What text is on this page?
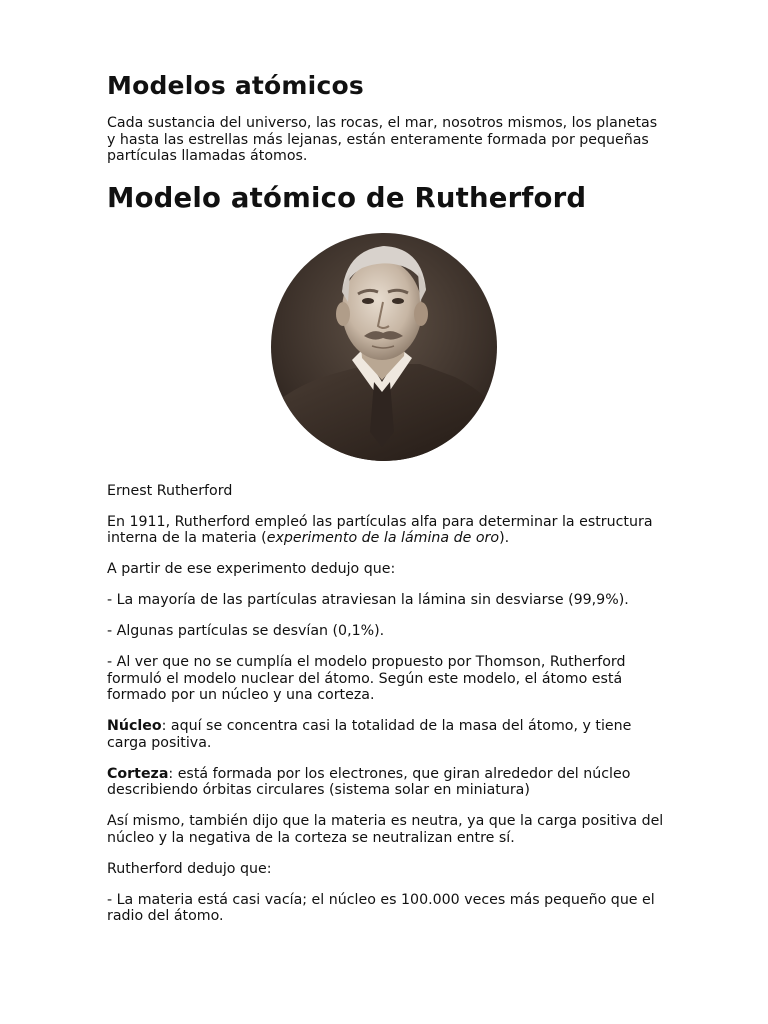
Modelos atómicos

Cada sustancia del universo, las rocas, el mar, nosotros mismos, los planetas y hasta las estrellas más lejanas, están enteramente formada por pequeñas partículas llamadas átomos.

Modelo atómico de Rutherford

Ernest Rutherford

En 1911, Rutherford empleó las partículas alfa para determinar la estructura interna de la materia (experimento de la lámina de oro).

A partir de ese experimento dedujo que:

- La mayoría de las partículas atraviesan la lámina sin desviarse (99,9%).

- Algunas partículas se desvían (0,1%).

- Al ver que no se cumplía el modelo propuesto por Thomson, Rutherford formuló el modelo nuclear del átomo. Según este modelo, el átomo está formado por un núcleo y una corteza.

Núcleo: aquí se concentra casi la totalidad de la masa del átomo, y tiene carga positiva.

Corteza: está formada por los electrones, que giran alrededor del núcleo describiendo órbitas circulares (sistema solar en miniatura)

Así mismo, también dijo que la materia es neutra, ya que la carga positiva del núcleo y la negativa de la corteza se neutralizan entre sí.

Rutherford dedujo que:

- La materia está casi vacía; el núcleo es 100.000 veces más pequeño que el radio del átomo.
